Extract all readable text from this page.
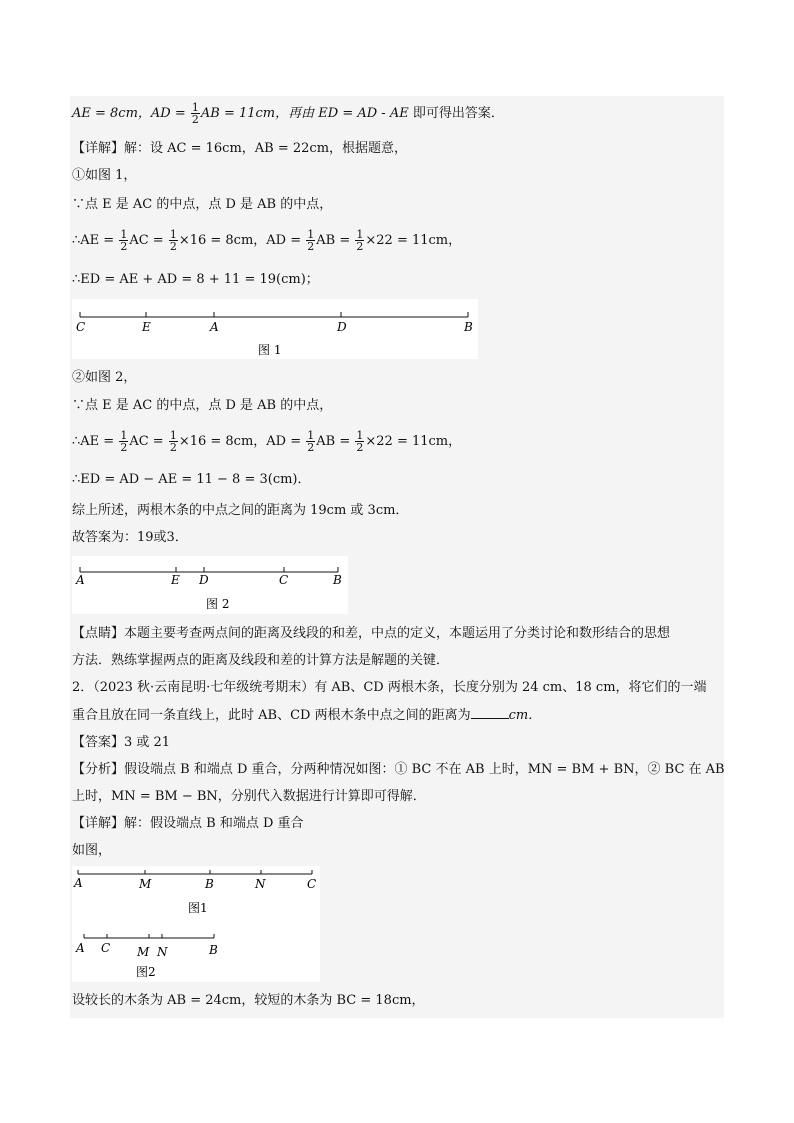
AE = 8cm，AD = $\frac{1}{2}$ AB = 11cm，再由 ED = AD - AE 即可得出答案．
【详解】解：设 AC = 16cm，AB = 22cm，根据题意，
①如图 1，
∵点 E 是 AC 的中点，点 D 是 AB 的中点，
∴AE = $\frac{1}{2}$ AC = $\frac{1}{2} \times 16 = 8cm$，AD = $\frac{1}{2}$ AB = $\frac{1}{2} \times 22 = 11cm$，
∴ED = AE + AD = 8 + 11 = 19(cm)；
C	E	A	D	B
图 1
②如图 2，
∵点 E 是 AC 的中点，点 D 是 AB 的中点，
∴AE = $\frac{1}{2}$ AC = $\frac{1}{2} \times 16 = 8cm$，AD = $\frac{1}{2}$ AB = $\frac{1}{2} \times 22 = 11cm$，
∴ED = AD − AE = 11 − 8 = 3(cm)．
综上所述，两根木条的中点之间的距离为 19cm 或 3cm．
故答案为：19或3．
A	E D	C	B
图 2
【点睛】本题主要考查两点间的距离及线段的和差，中点的定义，本题运用了分类讨论和数形结合的思想
方法．熟练掌握两点的距离及线段和差的计算方法是解题的关键．
2．（2023 秋·云南昆明·七年级统考期末）有 AB、CD 两根木条，长度分别为 24 cm、18 cm，将它们的一端
重合且放在同一条直线上，此时 AB、CD 两根木条中点之间的距离为	cm．
【答案】3 或 21
【分析】假设端点 B 和端点 D 重合，分两种情况如图：① BC 不在 AB 上时，MN = BM + BN，② BC 在 AB
上时，MN = BM − BN，分别代入数据进行计算即可得解．
【详解】解：假设端点 B 和端点 D 重合
如图，
A	M	B	N	C
图1
A C M N	B
图2
设较长的木条为 AB = 24cm，较短的木条为 BC = 18cm，
